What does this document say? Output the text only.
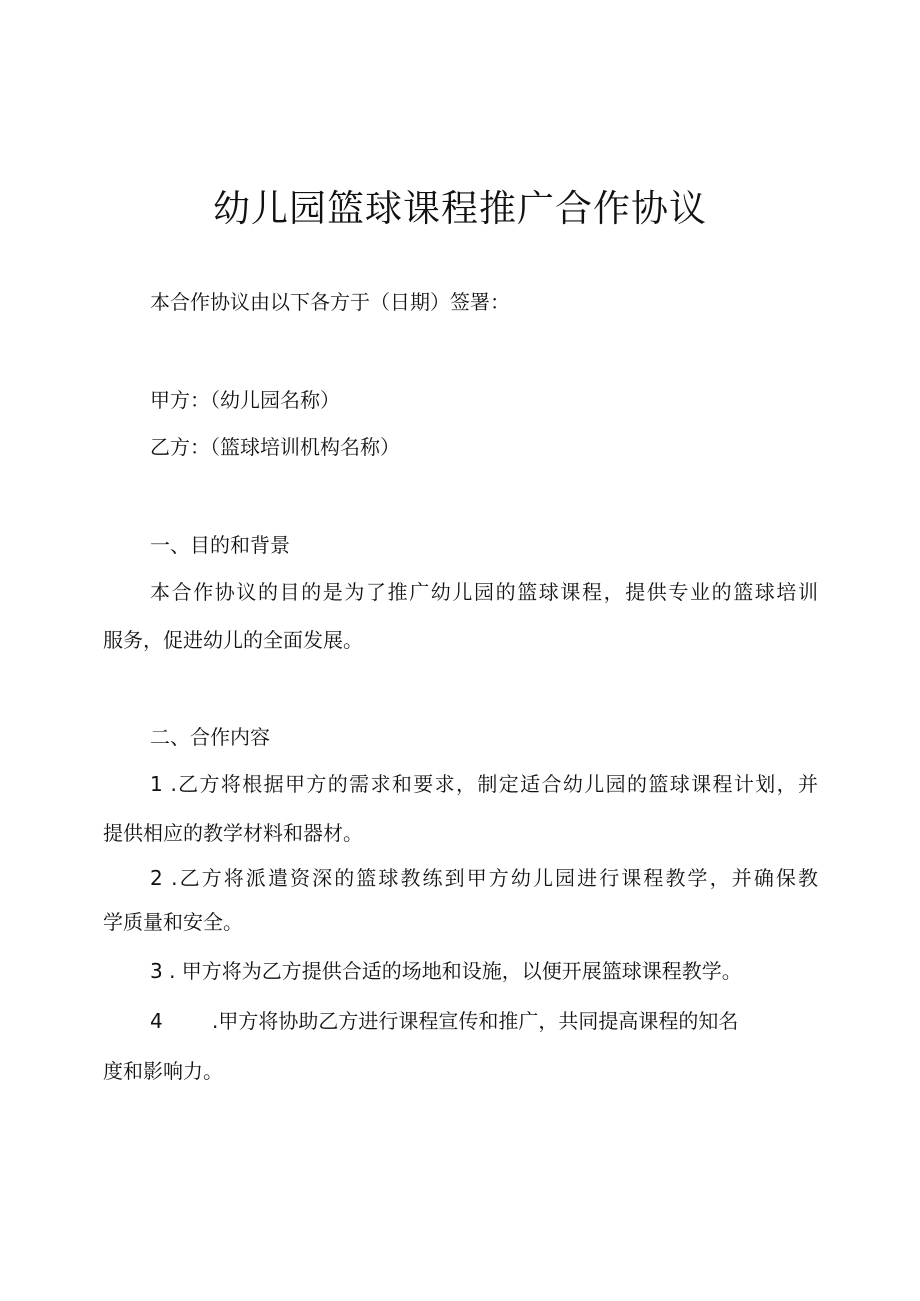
幼儿园篮球课程推广合作协议

本合作协议由以下各方于（日期）签署：

甲方：（幼儿园名称）

乙方：（篮球培训机构名称）

一、目的和背景

本合作协议的目的是为了推广幼儿园的篮球课程，提供专业的篮球培训

服务，促进幼儿的全面发展。

二、合作内容

1 .乙方将根据甲方的需求和要求，制定适合幼儿园的篮球课程计划，并

提供相应的教学材料和器材。

2 .乙方将派遣资深的篮球教练到甲方幼儿园进行课程教学，并确保教

学质量和安全。

3 . 甲方将为乙方提供合适的场地和设施，以便开展篮球课程教学。

4 .甲方将协助乙方进行课程宣传和推广，共同提高课程的知名

度和影响力。
